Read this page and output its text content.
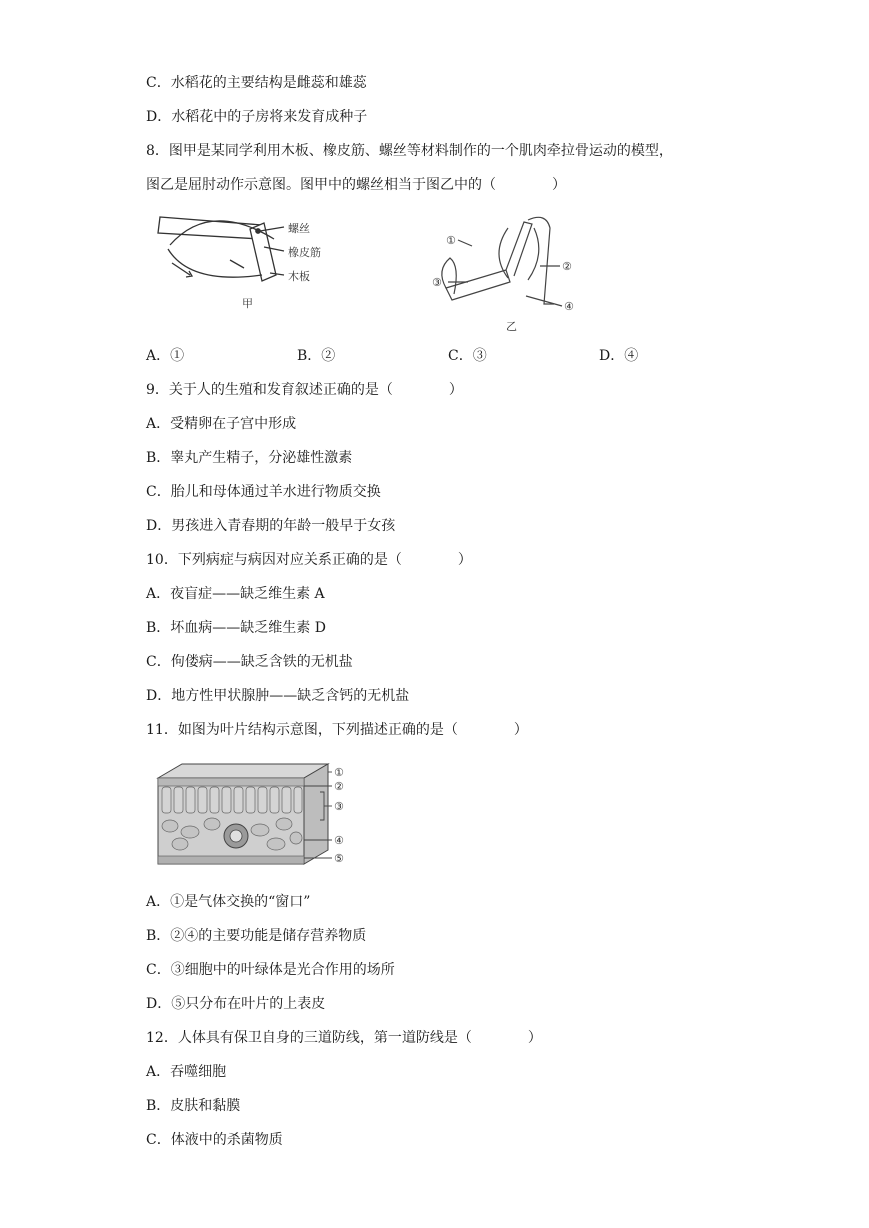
C．水稻花的主要结构是雌蕊和雄蕊
D．水稻花中的子房将来发育成种子
8．图甲是某同学利用木板、橡皮筋、螺丝等材料制作的一个肌肉牵拉骨运动的模型，
图乙是屈肘动作示意图。图甲中的螺丝相当于图乙中的（　　　　）
螺丝
橡皮筋
木板
甲
①
②
③
④
乙
A．①	B．②	C．③	D．④
9．关于人的生殖和发育叙述正确的是（　　　　）
A．受精卵在子宫中形成
B．睾丸产生精子，分泌雄性激素
C．胎儿和母体通过羊水进行物质交换
D．男孩进入青春期的年龄一般早于女孩
10．下列病症与病因对应关系正确的是（　　　　）
A．夜盲症——缺乏维生素 A
B．坏血病——缺乏维生素 D
C．佝偻病——缺乏含铁的无机盐
D．地方性甲状腺肿——缺乏含钙的无机盐
11．如图为叶片结构示意图，下列描述正确的是（　　　　）
①
②
③
④
⑤
A．①是气体交换的“窗口”
B．②④的主要功能是储存营养物质
C．③细胞中的叶绿体是光合作用的场所
D．⑤只分布在叶片的上表皮
12．人体具有保卫自身的三道防线，第一道防线是（　　　　）
A．吞噬细胞
B．皮肤和黏膜
C．体液中的杀菌物质
